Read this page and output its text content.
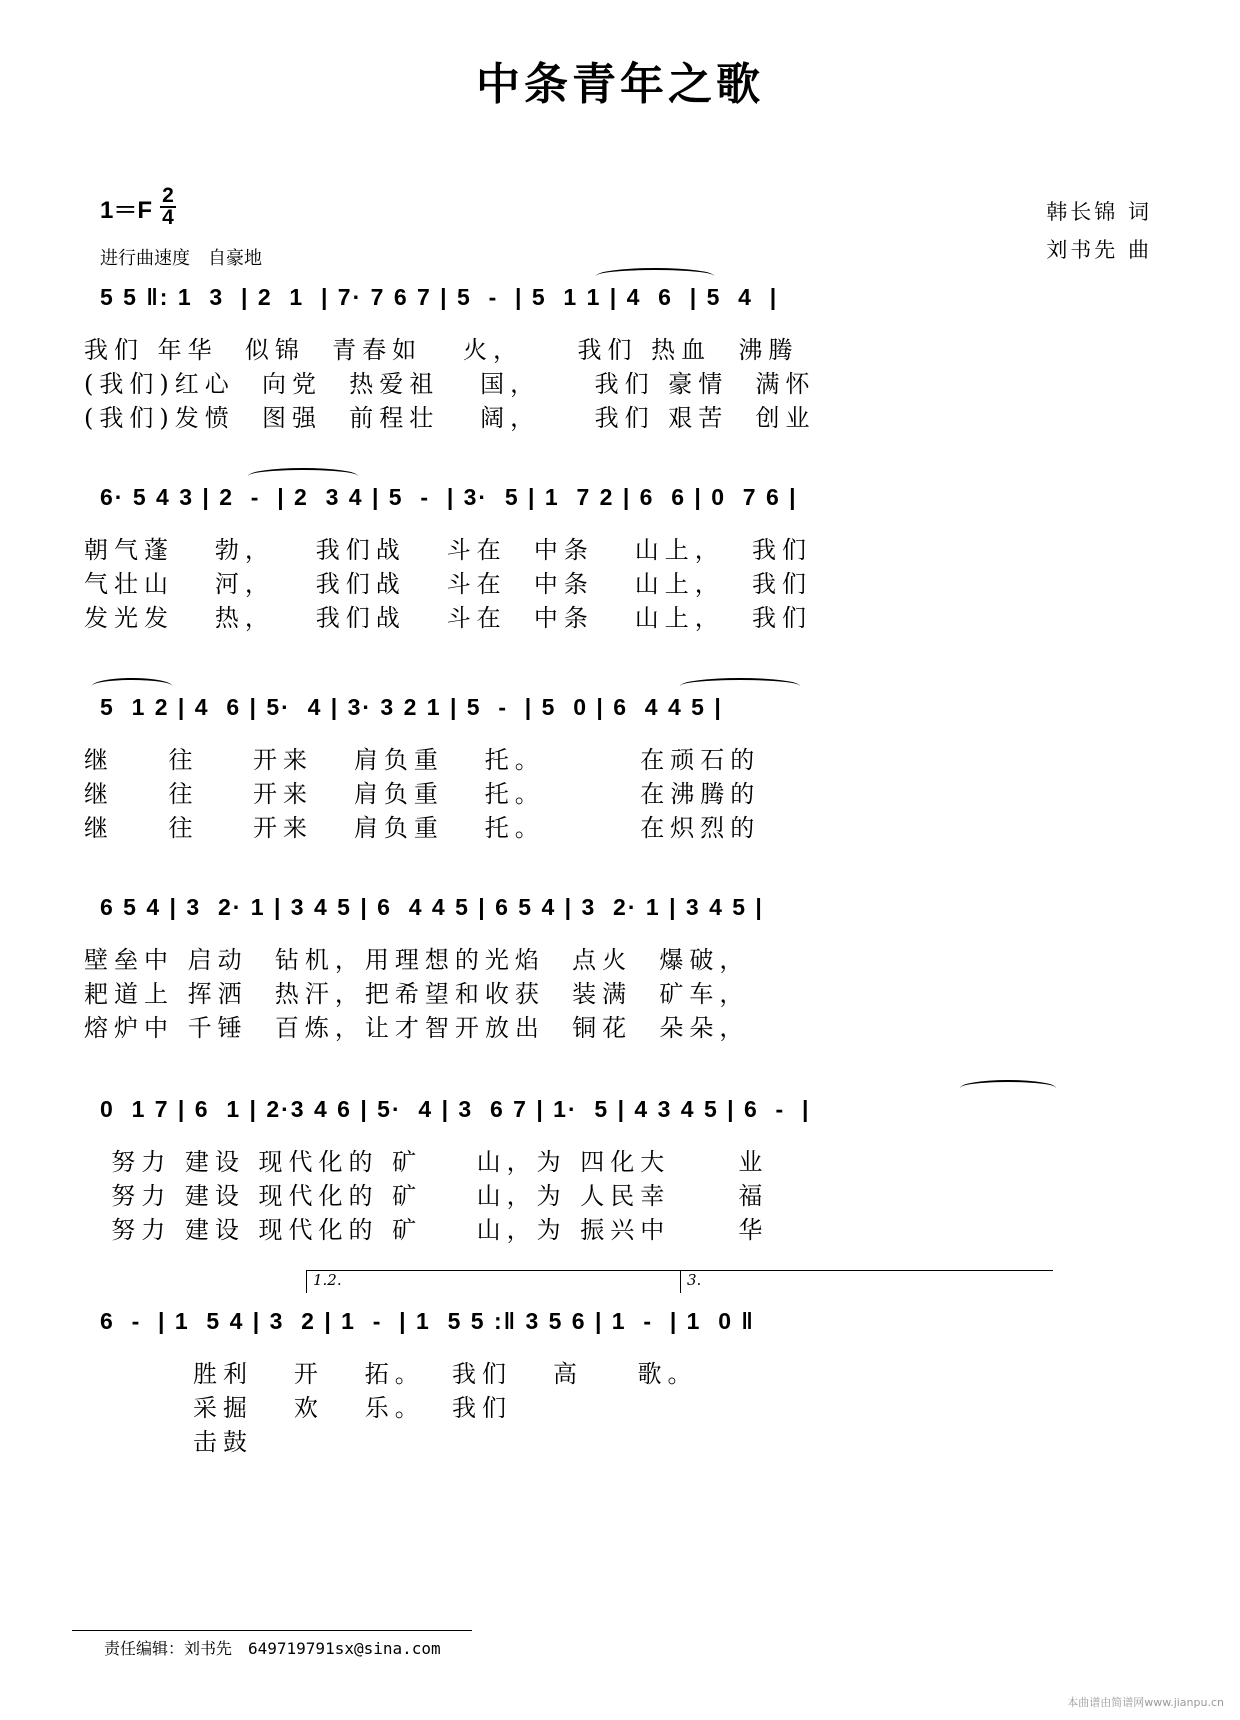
中条青年之歌
$1=F \frac{2}{4}$
进行曲速度　自豪地
韩长锦 词
刘书先 曲
5 5 ‖: 1  3  | 2  1  | 7· 7 6 7 | 5  -  | 5  1 1 | 4  6  | 5  4  |
我们 年华  似锦  青春如   火，    我们 热血  沸腾
(我们)红心  向党  热爱祖   国，    我们 豪情  满怀
(我们)发愤  图强  前程壮   阔，    我们 艰苦  创业
6· 5 4 3 | 2  -  | 2  3 4 | 5  -  | 3·  5 | 1  7 2 | 6  6 | 0  7 6 |
朝气蓬   勃，   我们战   斗在  中条   山上，  我们
气壮山   河，   我们战   斗在  中条   山上，  我们
发光发   热，   我们战   斗在  中条   山上，  我们
5  1 2 | 4  6 | 5·  4 | 3· 3 2 1 | 5  -  | 5  0 | 6  4 4 5 |
继    往    开来   肩负重   托。       在顽石的
继    往    开来   肩负重   托。       在沸腾的
继    往    开来   肩负重   托。       在炽烈的
6 5 4 | 3  2· 1 | 3 4 5 | 6  4 4 5 | 6 5 4 | 3  2· 1 | 3 4 5 |
壁垒中 启动  钻机，用理想的光焰  点火  爆破，
耙道上 挥洒  热汗，把希望和收获  装满  矿车，
熔炉中 千锤  百炼，让才智开放出  铜花  朵朵，
0  1 7 | 6  1 | 2·3 4 6 | 5·  4 | 3  6 7 | 1·  5 | 4 3 4 5 | 6  -  |
努力 建设 现代化的 矿    山，为 四化大     业
努力 建设 现代化的 矿    山，为 人民幸     福
努力 建设 现代化的 矿    山，为 振兴中     华
1.2.	3.
6  -  | 1  5 4 | 3  2 | 1  -  | 1  5 5 :‖ 3 5 6 | 1  -  | 1  0 ‖
胜利   开   拓。  我们   高    歌。
采掘   欢   乐。  我们
击鼓
责任编辑：刘书先　649719791sx@sina.com
本曲谱由简谱网www.jianpu.cn
